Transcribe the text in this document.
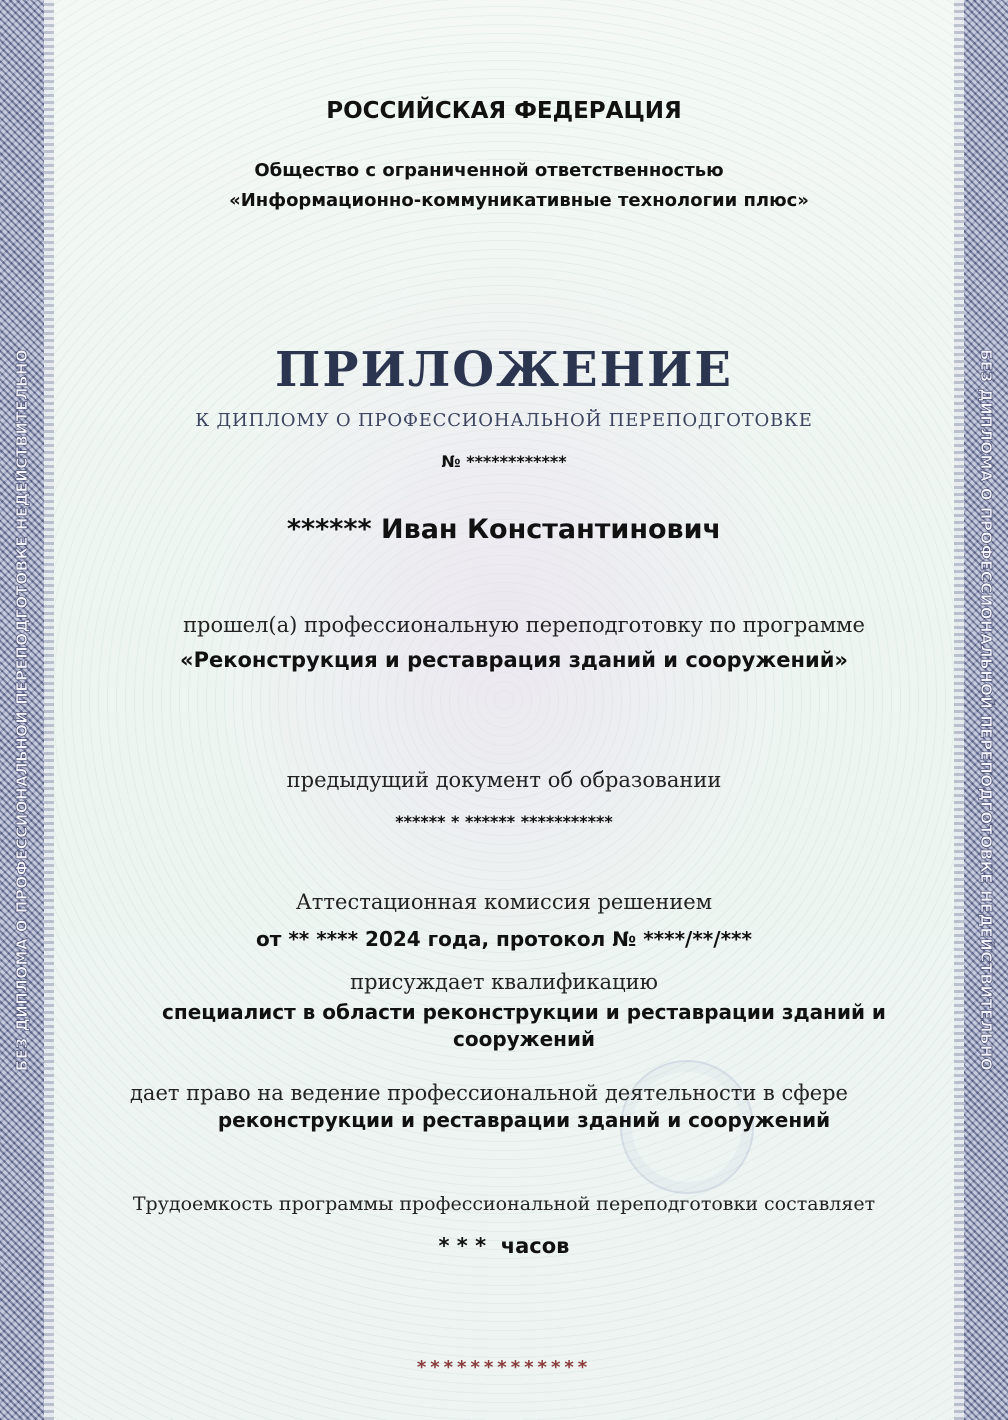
БЕЗ ДИПЛОМА О ПРОФЕССИОНАЛЬНОЙ ПЕРЕПОДГОТОВКЕ НЕДЕЙСТВИТЕЛЬНО	БЕЗ ДИПЛОМА О ПРОФЕССИОНАЛЬНОЙ ПЕРЕПОДГОТОВКЕ НЕДЕЙСТВИТЕЛЬНО
РОССИЙСКАЯ ФЕДЕРАЦИЯ
Общество с ограниченной ответственностью
«Информационно-коммуникативные технологии плюс»
ПРИЛОЖЕНИЕ
К ДИПЛОМУ О ПРОФЕССИОНАЛЬНОЙ ПЕРЕПОДГОТОВКЕ
№ ************
****** Иван Константинович
прошел(а) профессиональную переподготовку по программе
«Реконструкция и реставрация зданий и сооружений»
предыдущий документ об образовании
****** * ****** ***********
Аттестационная комиссия решением
от ** **** 2024 года, протокол № ****/**/***
присуждает квалификацию
специалист в области реконструкции и реставрации зданий и
сооружений
дает право на ведение профессиональной деятельности в сфере
реконструкции и реставрации зданий и сооружений
Трудоемкость программы профессиональной переподготовки составляет
* * *  часов
*************
